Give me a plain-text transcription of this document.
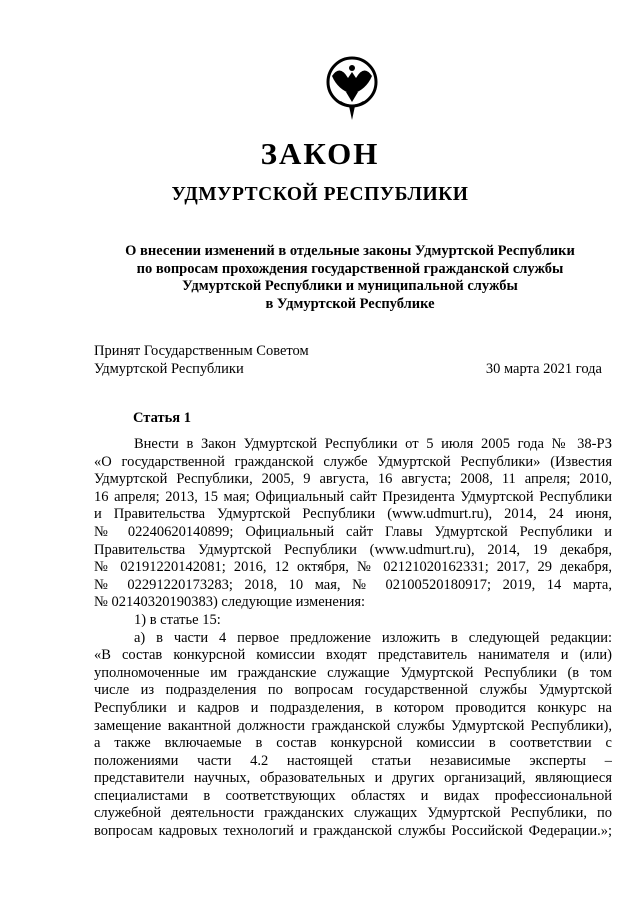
ЗАКОН
УДМУРТСКОЙ РЕСПУБЛИКИ
О внесении изменений в отдельные законы Удмуртской Республики
по вопросам прохождения государственной гражданской службы
Удмуртской Республики и муниципальной службы
в Удмуртской Республике
Принят Государственным Советом
Удмуртской Республики	30 марта 2021 года
Статья 1
Внести в Закон Удмуртской Республики от 5 июля 2005 года № 38-РЗ
«О государственной гражданской службе Удмуртской Республики» (Известия
Удмуртской Республики, 2005, 9 августа, 16 августа; 2008, 11 апреля; 2010,
16 апреля; 2013, 15 мая; Официальный сайт Президента Удмуртской Республики
и Правительства Удмуртской Республики (www.udmurt.ru), 2014, 24 июня,
№ 02240620140899; Официальный сайт Главы Удмуртской Республики и
Правительства Удмуртской Республики (www.udmurt.ru), 2014, 19 декабря,
№ 02191220142081; 2016, 12 октября, № 02121020162331; 2017, 29 декабря,
№ 02291220173283; 2018, 10 мая, № 02100520180917; 2019, 14 марта,
№ 02140320190383) следующие изменения:
1) в статье 15:
а) в части 4 первое предложение изложить в следующей редакции:
«В состав конкурсной комиссии входят представитель нанимателя и (или)
уполномоченные им гражданские служащие Удмуртской Республики (в том
числе из подразделения по вопросам государственной службы Удмуртской
Республики и кадров и подразделения, в котором проводится конкурс на
замещение вакантной должности гражданской службы Удмуртской Республики),
а также включаемые в состав конкурсной комиссии в соответствии с
положениями части 4.2 настоящей статьи независимые эксперты –
представители научных, образовательных и других организаций, являющиеся
специалистами в соответствующих областях и видах профессиональной
служебной деятельности гражданских служащих Удмуртской Республики, по
вопросам кадровых технологий и гражданской службы Российской Федерации.»;
